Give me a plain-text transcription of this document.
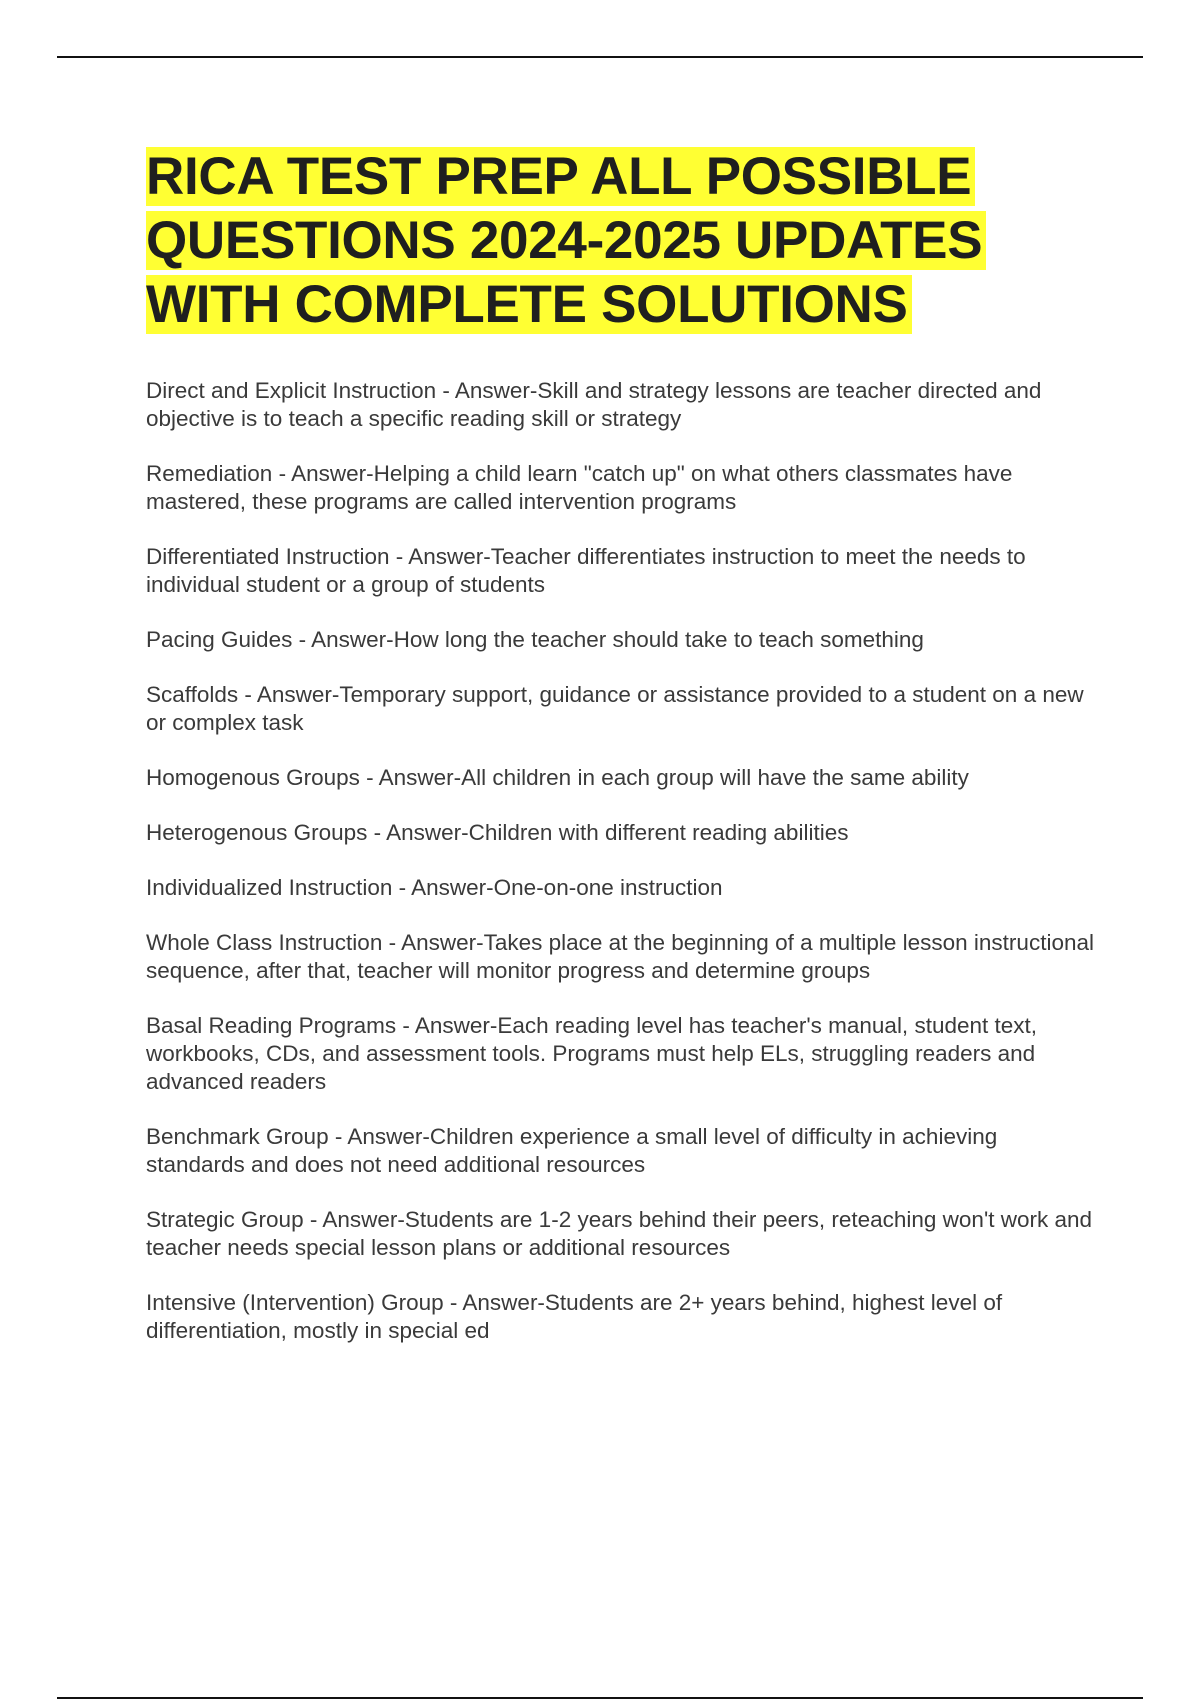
RICA TEST PREP ALL POSSIBLE
QUESTIONS 2024-2025 UPDATES
WITH COMPLETE SOLUTIONS

Direct and Explicit Instruction - Answer-Skill and strategy lessons are teacher directed and objective is to teach a specific reading skill or strategy

Remediation - Answer-Helping a child learn "catch up" on what others classmates have mastered, these programs are called intervention programs

Differentiated Instruction - Answer-Teacher differentiates instruction to meet the needs to individual student or a group of students

Pacing Guides - Answer-How long the teacher should take to teach something

Scaffolds - Answer-Temporary support, guidance or assistance provided to a student on a new or complex task

Homogenous Groups - Answer-All children in each group will have the same ability

Heterogenous Groups - Answer-Children with different reading abilities

Individualized Instruction - Answer-One-on-one instruction

Whole Class Instruction - Answer-Takes place at the beginning of a multiple lesson instructional sequence, after that, teacher will monitor progress and determine groups

Basal Reading Programs - Answer-Each reading level has teacher's manual, student text, workbooks, CDs, and assessment tools. Programs must help ELs, struggling readers and advanced readers

Benchmark Group - Answer-Children experience a small level of difficulty in achieving standards and does not need additional resources

Strategic Group - Answer-Students are 1-2 years behind their peers, reteaching won't work and teacher needs special lesson plans or additional resources

Intensive (Intervention) Group - Answer-Students are 2+ years behind, highest level of differentiation, mostly in special ed
